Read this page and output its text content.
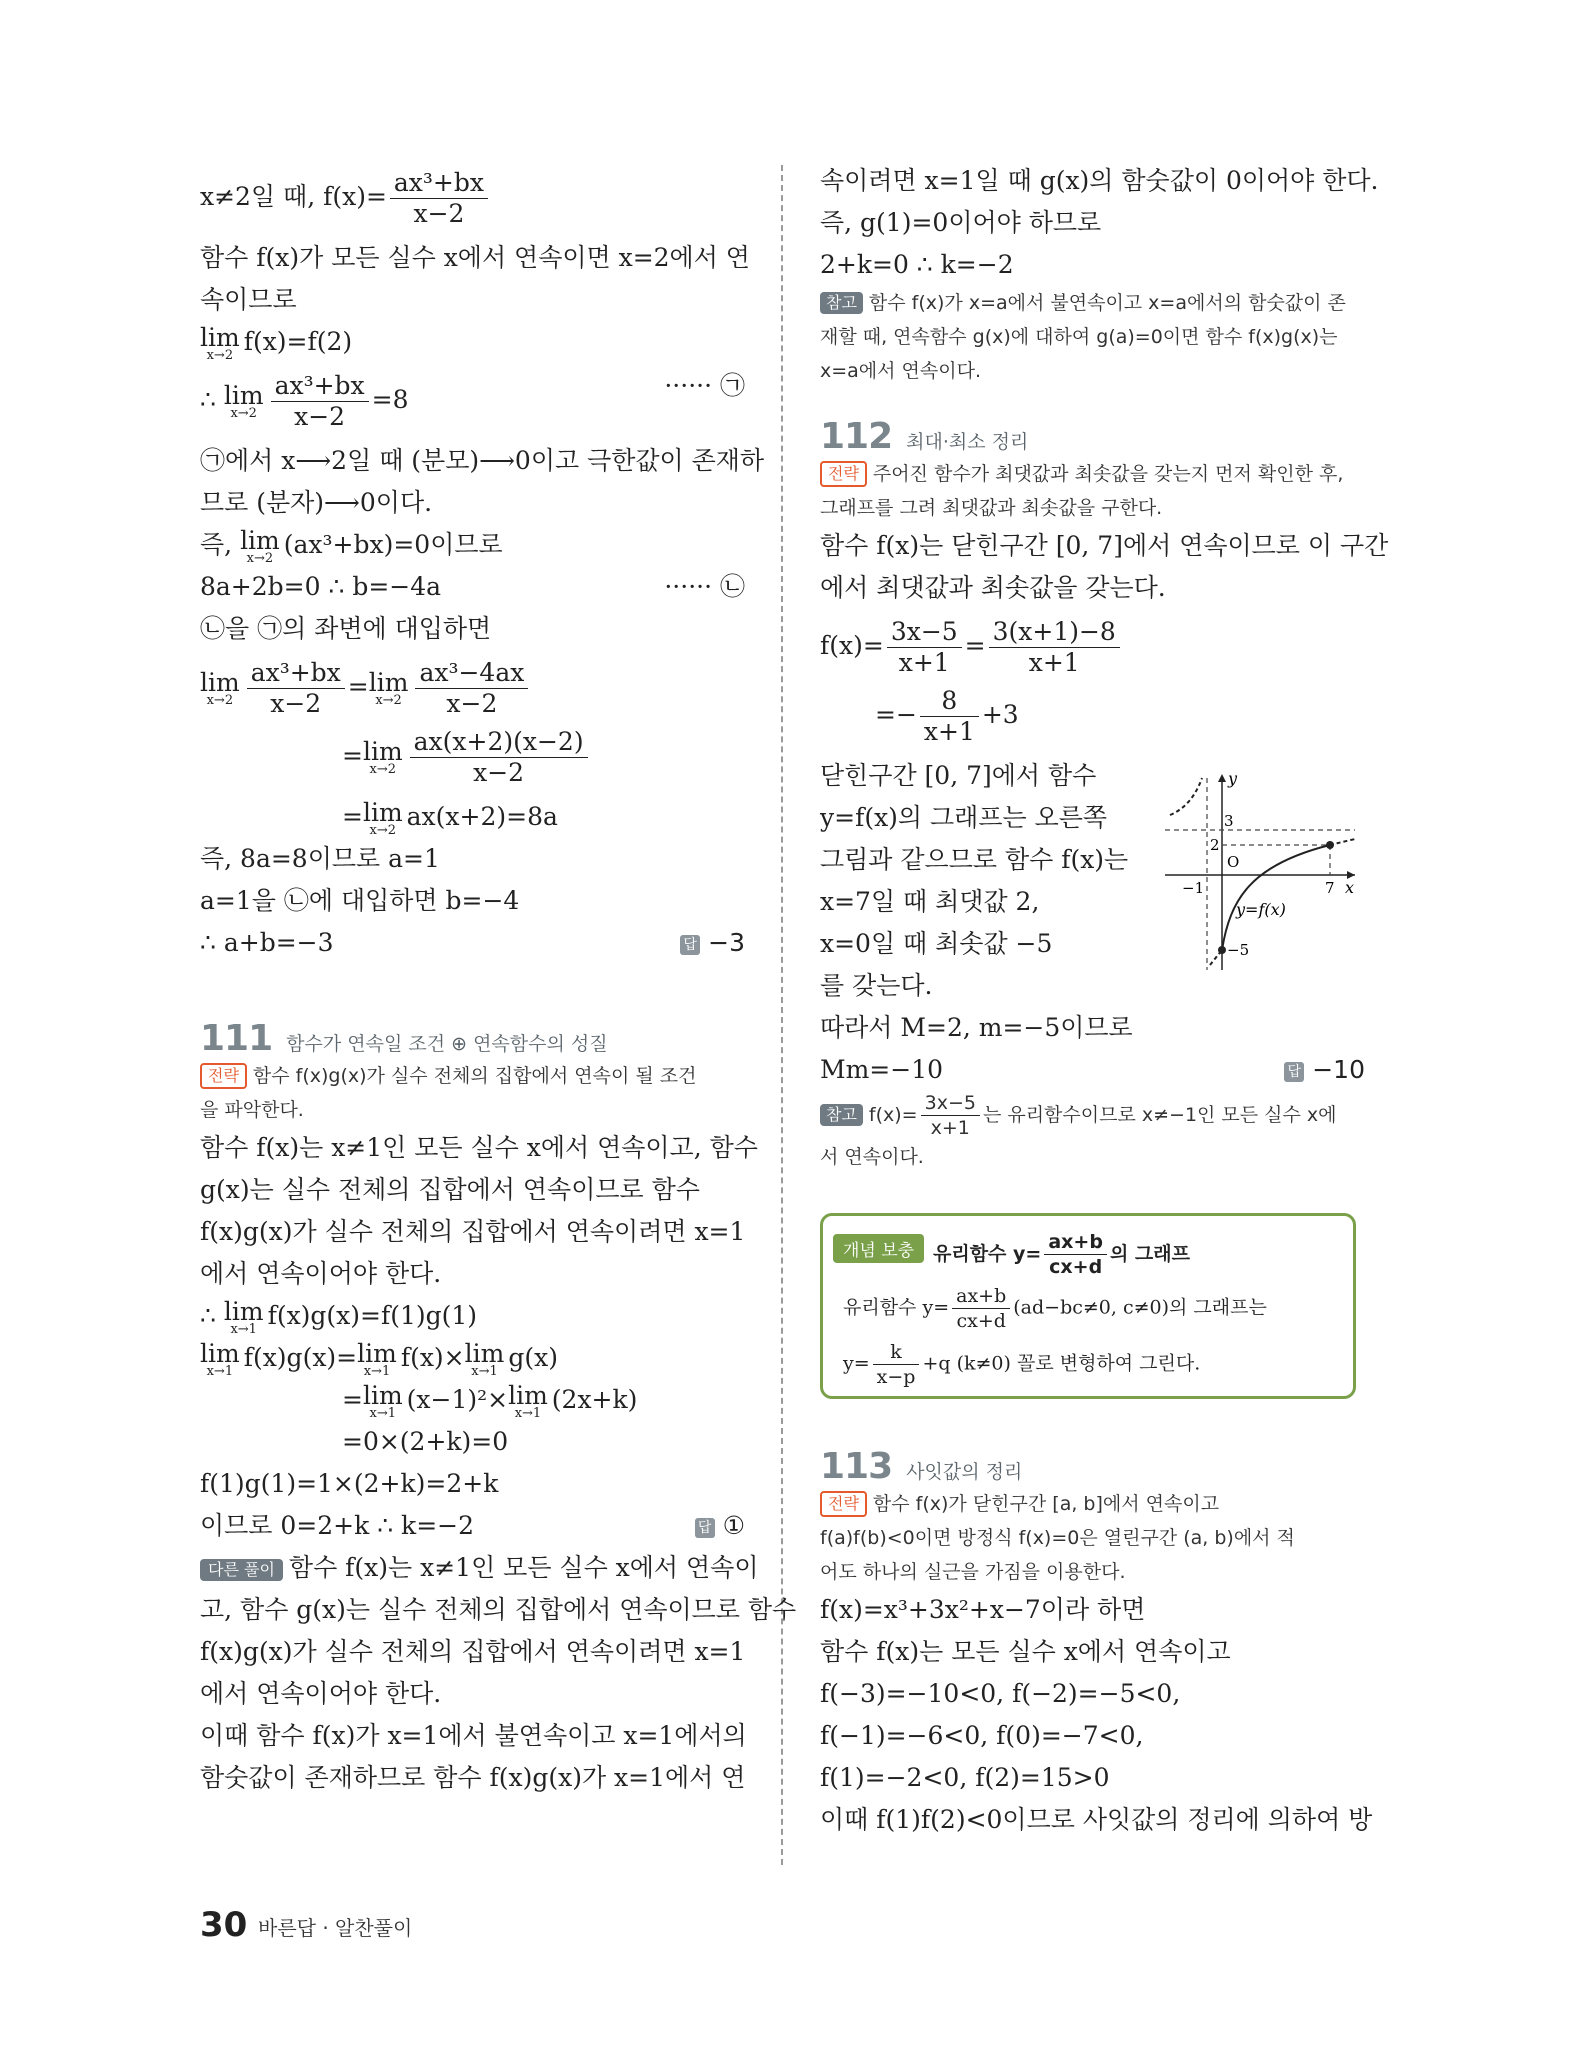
x≠2일 때, $f(x)= \frac{\text{ax³+bx}}{x-2}$
함수 f(x)가 모든 실수 x에서 연속이면 x=2에서 연
속이므로
lim
x→2 f(x)=f(2)
∴ lim
$x\to 2 \frac{\text{ax³+bx}}{x-2} =8$	······ ㉠
㉠에서 x⟶2일 때 (분모)⟶0이고 극한값이 존재하
므로 (분자)⟶0이다.
즉, lim
x→2 (ax³+bx)=0이므로
8a+2b=0 ∴ b=−4a	······ ㉡
㉡을 ㉠의 좌변에 대입하면
lim
$x\to 2 \frac{\text{ax³+bx}}{x-2} = \lim$
$x\to 2 \frac{\text{ax³−4ax}}{x-2}$
= lim
$x\to 2 \frac{ax(x+2)(x-2)}{x-2}$
= lim
x→2 ax(x+2)=8a
즉, 8a=8이므로 a=1
a=1을 ㉡에 대입하면 b=−4
∴ a+b=−3	답 −3
111 함수가 연속일 조건 ⊕ 연속함수의 성질
전략 함수 f(x)g(x)가 실수 전체의 집합에서 연속이 될 조건
을 파악한다.
함수 f(x)는 x≠1인 모든 실수 x에서 연속이고, 함수
g(x)는 실수 전체의 집합에서 연속이므로 함수
f(x)g(x)가 실수 전체의 집합에서 연속이려면 x=1
에서 연속이어야 한다.
∴ lim
x→1 f(x)g(x)=f(1)g(1)
lim
x→1 f(x)g(x)= lim
x→1 f(x)× lim
x→1 g(x)
= lim
x→1 (x−1)²× lim
x→1 (2x+k)
=0×(2+k)=0
f(1)g(1)=1×(2+k)=2+k
이므로 0=2+k ∴ k=−2	답 ①
다른 풀이 함수 f(x)는 x≠1인 모든 실수 x에서 연속이
고, 함수 g(x)는 실수 전체의 집합에서 연속이므로 함수
f(x)g(x)가 실수 전체의 집합에서 연속이려면 x=1
에서 연속이어야 한다.
이때 함수 f(x)가 x=1에서 불연속이고 x=1에서의
함숫값이 존재하므로 함수 f(x)g(x)가 x=1에서 연
속이려면 x=1일 때 g(x)의 함숫값이 0이어야 한다.
즉, g(1)=0이어야 하므로
2+k=0 ∴ k=−2
참고 함수 f(x)가 x=a에서 불연속이고 x=a에서의 함숫값이 존
재할 때, 연속함수 g(x)에 대하여 g(a)=0이면 함수 f(x)g(x)는
x=a에서 연속이다.
112 최대·최소 정리
전략 주어진 함수가 최댓값과 최솟값을 갖는지 먼저 확인한 후,
그래프를 그려 최댓값과 최솟값을 구한다.
함수 f(x)는 닫힌구간 [0, 7]에서 연속이므로 이 구간
에서 최댓값과 최솟값을 갖는다.
$f(x)= \frac{3x-5}{x+1} = \frac{3(x+1)-8}{x+1}$
=− $\frac{8}{x+1} +3$
닫힌구간 [0, 7]에서 함수
y=f(x)의 그래프는 오른쪽
그림과 같으므로 함수 f(x)는
x=7일 때 최댓값 2,
x=0일 때 최솟값 −5
를 갖는다.
따라서 M=2, m=−5이므로
Mm=−10	답 −10
참고 $f(x)= \frac{3x-5}{x+1}$ 는 유리함수이므로 x≠−1인 모든 실수 x에
서 연속이다.
y
x
O
3
2
−1	7
−5
y=f(x)
개념 보충 유리함수 $y= \frac{ax+b}{cx+d}$ 의 그래프
유리함수 $y= \frac{ax+b}{cx+d} (ad-bc\ne 0$, c≠0)의 그래프는
$y= \frac{k}{x-p} +q$ (k≠0) 꼴로 변형하여 그린다.
113 사잇값의 정리
전략 함수 f(x)가 닫힌구간 [a, b]에서 연속이고
f(a)f(b)<0이면 방정식 f(x)=0은 열린구간 (a, b)에서 적
어도 하나의 실근을 가짐을 이용한다.
f(x)=x³+3x²+x−7이라 하면
함수 f(x)는 모든 실수 x에서 연속이고
f(−3)=−10<0, f(−2)=−5<0,
f(−1)=−6<0, f(0)=−7<0,
f(1)=−2<0, f(2)=15>0
이때 f(1)f(2)<0이므로 사잇값의 정리에 의하여 방
30 바른답 · 알찬풀이
